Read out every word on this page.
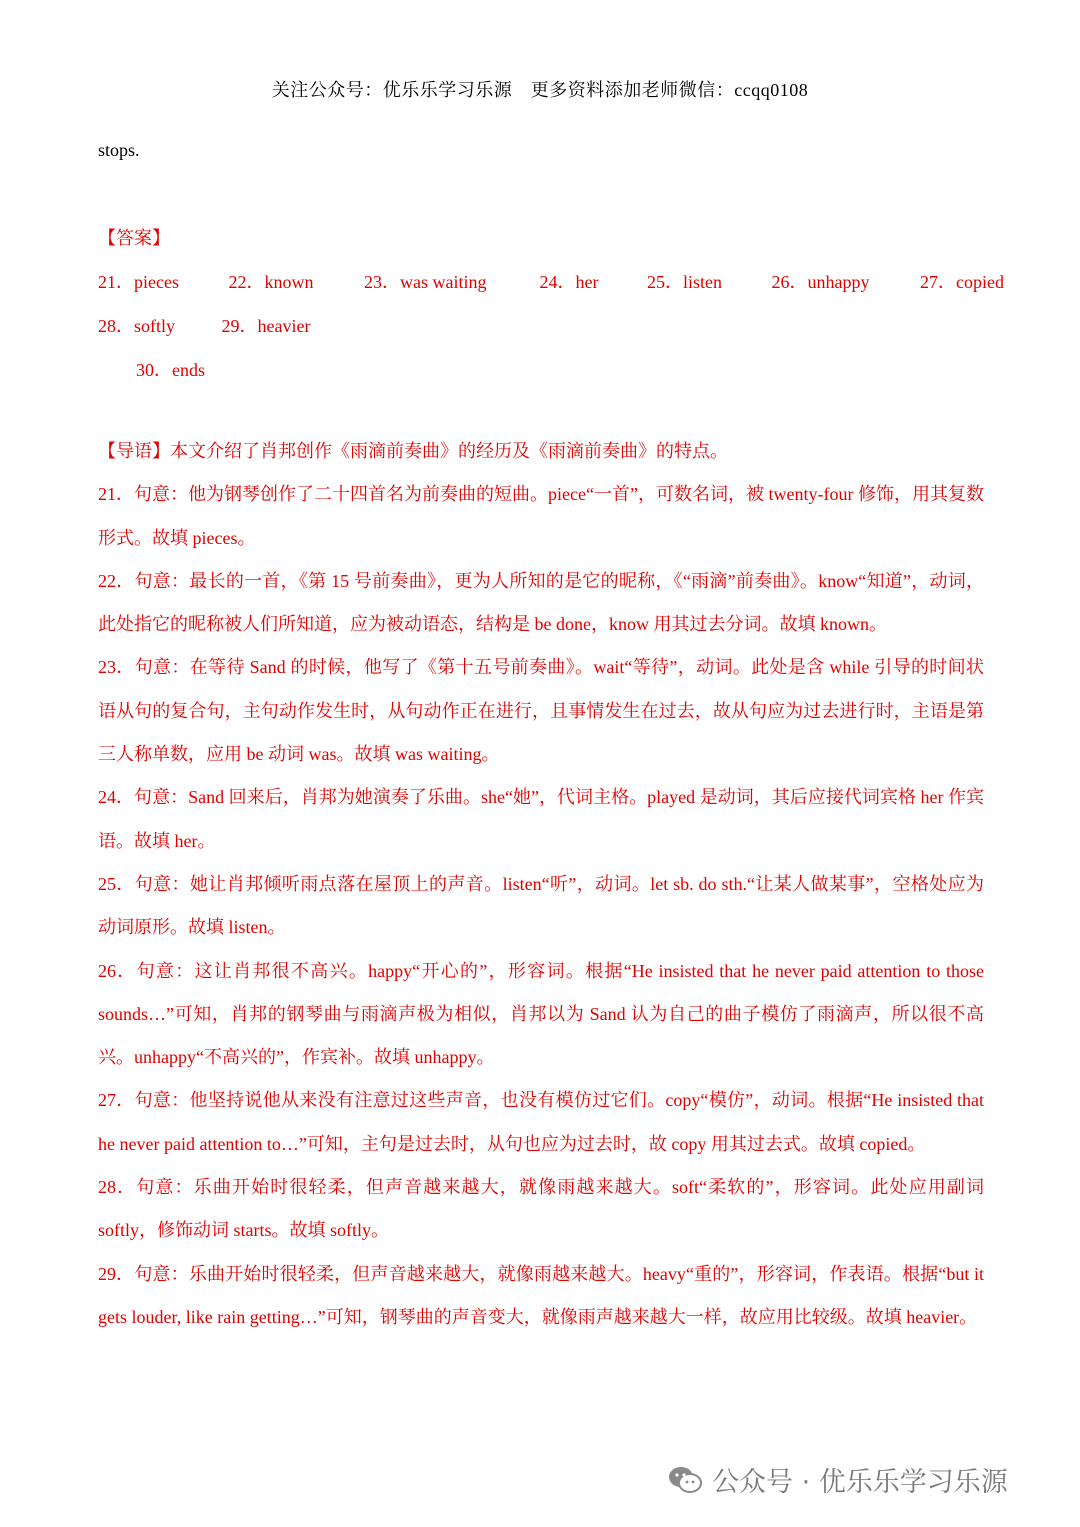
关注公众号：优乐乐学习乐源　更多资料添加老师微信：ccqq0108
stops.
【答案】
21．pieces	22．known	23．was waiting	24．her	25．listen	26．unhappy	27．copied
28．softly	29．heavier
30．ends

【导语】本文介绍了肖邦创作《雨滴前奏曲》的经历及《雨滴前奏曲》的特点。

21．句意：他为钢琴创作了二十四首名为前奏曲的短曲。piece“一首”，可数名词，被 twenty-four 修饰，用其复数形式。故填 pieces。

22．句意：最长的一首，《第 15 号前奏曲》，更为人所知的是它的昵称，《“雨滴”前奏曲》。know“知道”，动词，此处指它的昵称被人们所知道，应为被动语态，结构是 be done，know 用其过去分词。故填 known。

23．句意：在等待 Sand 的时候，他写了《第十五号前奏曲》。wait“等待”，动词。此处是含 while 引导的时间状语从句的复合句，主句动作发生时，从句动作正在进行，且事情发生在过去，故从句应为过去进行时，主语是第三人称单数，应用 be 动词 was。故填 was waiting。

24．句意：Sand 回来后，肖邦为她演奏了乐曲。she“她”，代词主格。played 是动词，其后应接代词宾格 her 作宾语。故填 her。

25．句意：她让肖邦倾听雨点落在屋顶上的声音。listen“听”，动词。let sb. do sth.“让某人做某事”，空格处应为动词原形。故填 listen。

26．句意：这让肖邦很不高兴。happy“开心的”，形容词。根据“He insisted that he never paid attention to those sounds…”可知，肖邦的钢琴曲与雨滴声极为相似，肖邦以为 Sand 认为自己的曲子模仿了雨滴声，所以很不高兴。unhappy“不高兴的”，作宾补。故填 unhappy。

27．句意：他坚持说他从来没有注意过这些声音，也没有模仿过它们。copy“模仿”，动词。根据“He insisted that he never paid attention to…”可知，主句是过去时，从句也应为过去时，故 copy 用其过去式。故填 copied。

28．句意：乐曲开始时很轻柔，但声音越来越大，就像雨越来越大。soft“柔软的”，形容词。此处应用副词 softly，修饰动词 starts。故填 softly。

29．句意：乐曲开始时很轻柔，但声音越来越大，就像雨越来越大。heavy“重的”，形容词，作表语。根据“but it gets louder, like rain getting…”可知，钢琴曲的声音变大，就像雨声越来越大一样，故应用比较级。故填 heavier。

公众号 · 优乐乐学习乐源
